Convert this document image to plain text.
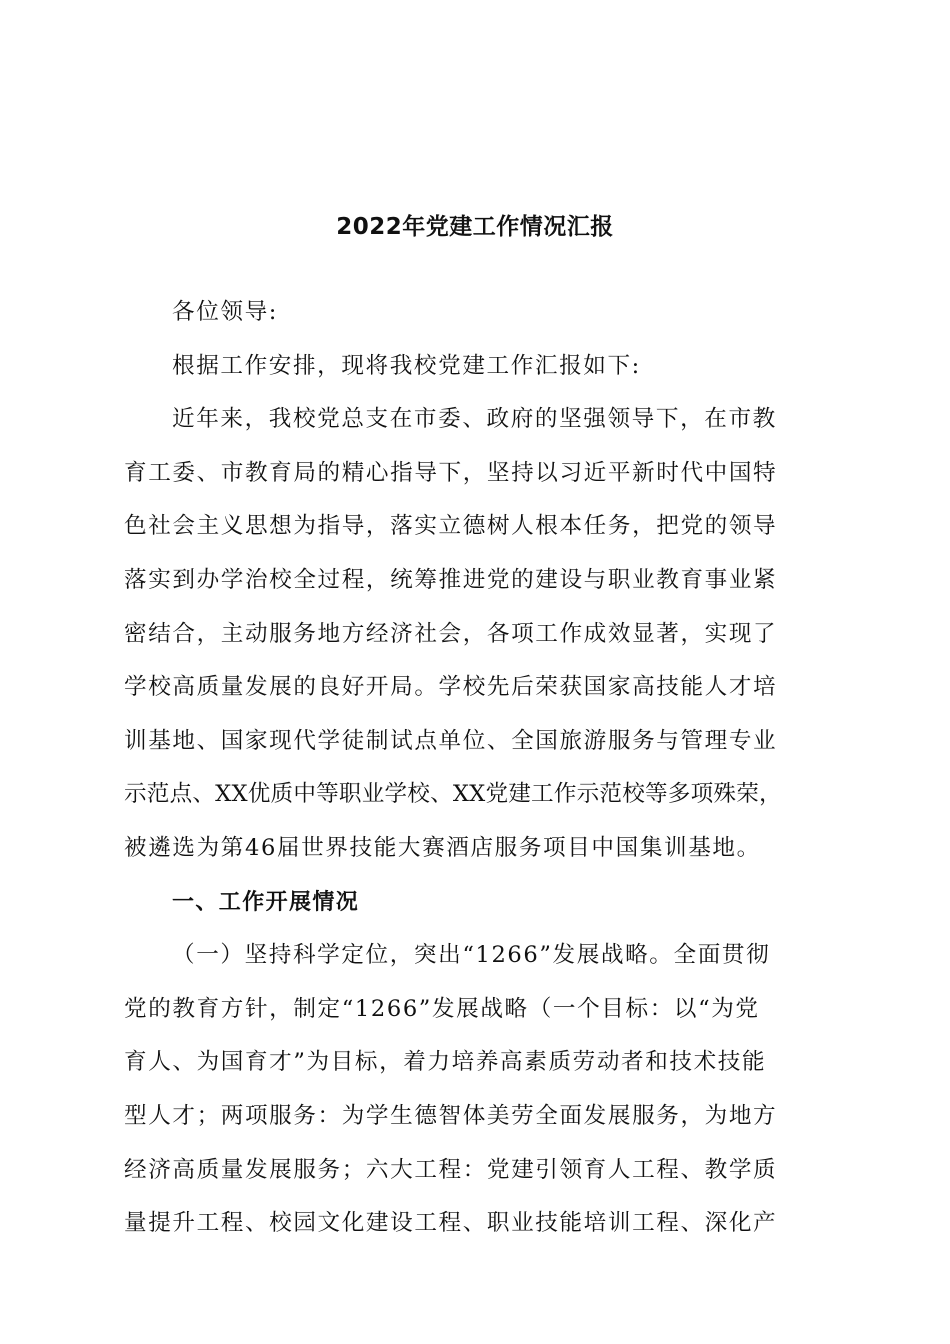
2022年党建工作情况汇报
各位领导:
根据工作安排，现将我校党建工作汇报如下:
近年来，我校党总支在市委、政府的坚强领导下，在市教
育工委、市教育局的精心指导下，坚持以习近平新时代中国特
色社会主义思想为指导，落实立德树人根本任务，把党的领导
落实到办学治校全过程，统筹推进党的建设与职业教育事业紧
密结合，主动服务地方经济社会，各项工作成效显著，实现了
学校高质量发展的良好开局。学校先后荣获国家高技能人才培
训基地、国家现代学徒制试点单位、全国旅游服务与管理专业
示范点、XX优质中等职业学校、XX党建工作示范校等多项殊荣，
被遴选为第46届世界技能大赛酒店服务项目中国集训基地。
一、工作开展情况
（一）坚持科学定位，突出“1266”发展战略。全面贯彻
党的教育方针，制定“1266”发展战略（一个目标：以“为党
育人、为国育才”为目标，着力培养高素质劳动者和技术技能
型人才；两项服务：为学生德智体美劳全面发展服务，为地方
经济高质量发展服务；六大工程：党建引领育人工程、教学质
量提升工程、校园文化建设工程、职业技能培训工程、深化产
